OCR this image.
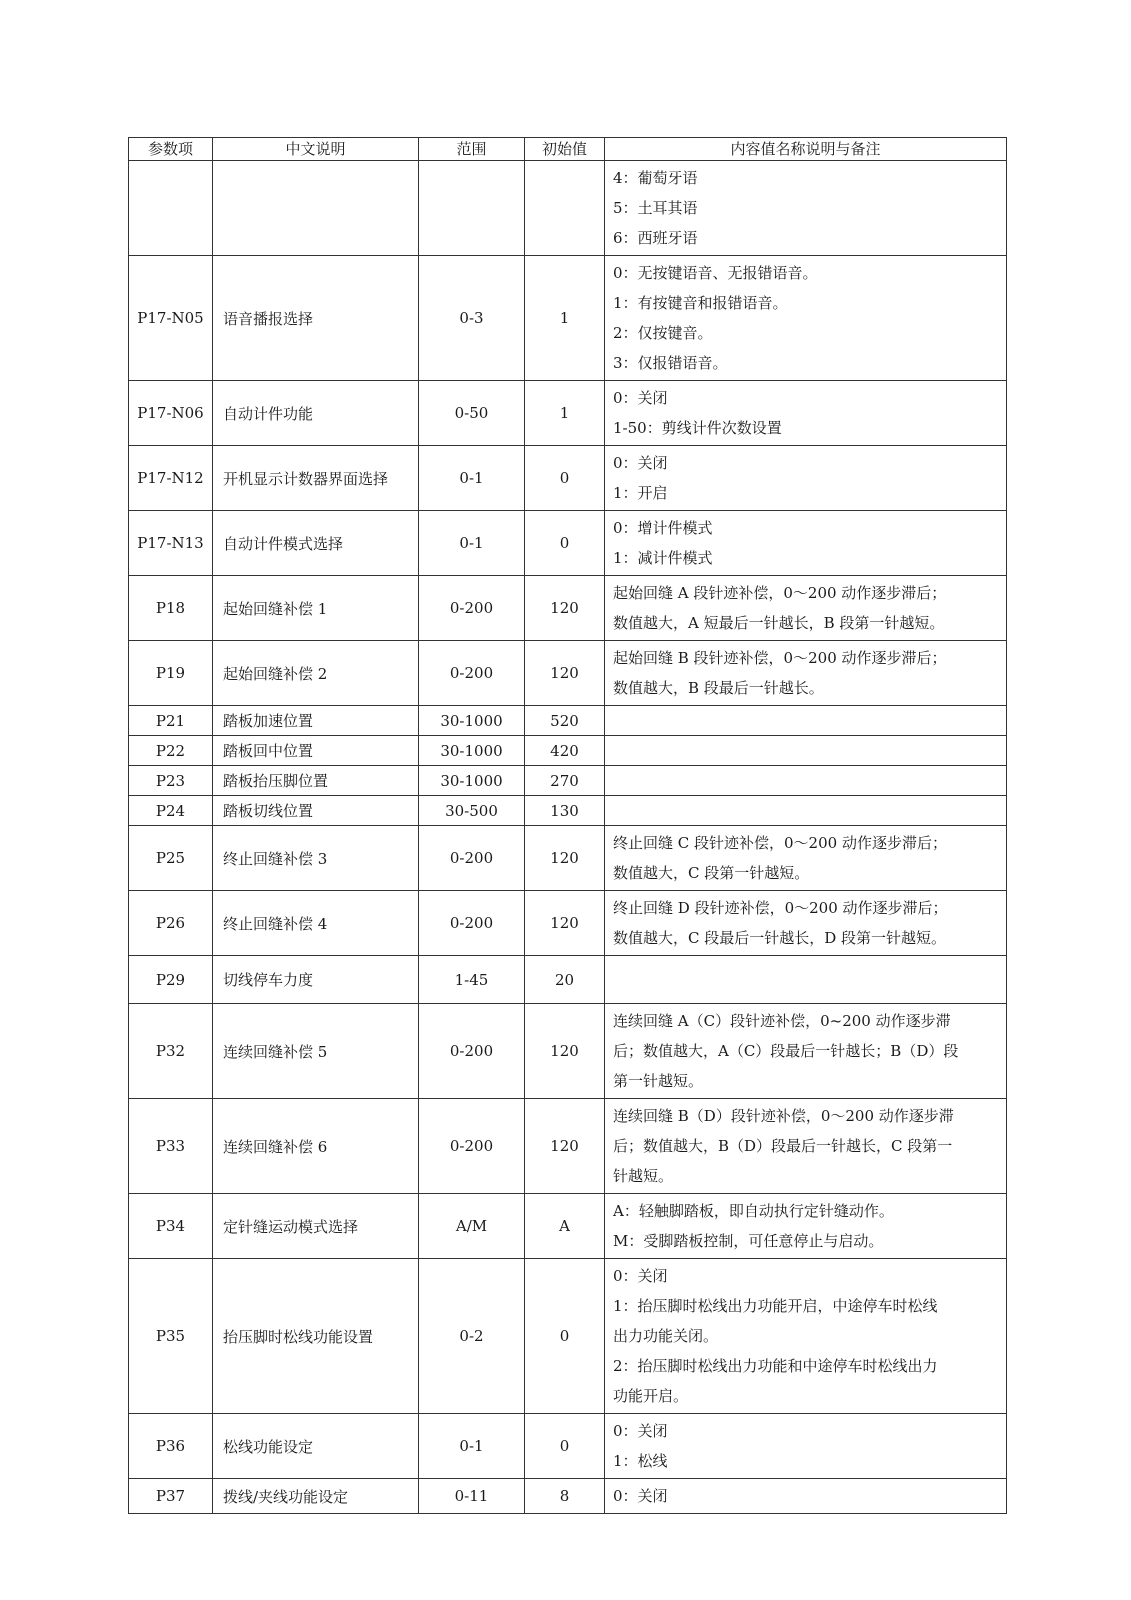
参数项	中文说明	范围	初始值	内容值名称说明与备注

				4：葡萄牙语
5：土耳其语
6：西班牙语

P17-N05	语音播报选择	0-3	1	0：无按键语音、无报错语音。
1：有按键音和报错语音。
2：仅按键音。
3：仅报错语音。

P17-N06	自动计件功能	0-50	1	0：关闭
1-50：剪线计件次数设置

P17-N12	开机显示计数器界面选择	0-1	0	0：关闭
1：开启

P17-N13	自动计件模式选择	0-1	0	0：增计件模式
1：减计件模式

P18	起始回缝补偿 1	0-200	120	起始回缝 A 段针迹补偿，0～200 动作逐步滞后；
数值越大，A 短最后一针越长，B 段第一针越短。

P19	起始回缝补偿 2	0-200	120	起始回缝 B 段针迹补偿，0～200 动作逐步滞后；
数值越大，B 段最后一针越长。

P21	踏板加速位置	30-1000	520	
P22	踏板回中位置	30-1000	420	
P23	踏板抬压脚位置	30-1000	270	
P24	踏板切线位置	30-500	130	
P25	终止回缝补偿 3	0-200	120	终止回缝 C 段针迹补偿，0～200 动作逐步滞后；
数值越大，C 段第一针越短。

P26	终止回缝补偿 4	0-200	120	终止回缝 D 段针迹补偿，0～200 动作逐步滞后；
数值越大，C 段最后一针越长，D 段第一针越短。

P29	切线停车力度	1-45	20	
P32	连续回缝补偿 5	0-200	120	连续回缝 A（C）段针迹补偿，0~200 动作逐步滞
后；数值越大，A（C）段最后一针越长；B（D）段
第一针越短。

P33	连续回缝补偿 6	0-200	120	连续回缝 B（D）段针迹补偿，0～200 动作逐步滞
后；数值越大，B（D）段最后一针越长，C 段第一
针越短。

P34	定针缝运动模式选择	A/M	A	A：轻触脚踏板，即自动执行定针缝动作。
M：受脚踏板控制，可任意停止与启动。

P35	抬压脚时松线功能设置	0-2	0	0：关闭
1：抬压脚时松线出力功能开启，中途停车时松线
出力功能关闭。
2：抬压脚时松线出力功能和中途停车时松线出力
功能开启。

P36	松线功能设定	0-1	0	0：关闭
1：松线

P37	拨线/夹线功能设定	0-11	8	0：关闭
